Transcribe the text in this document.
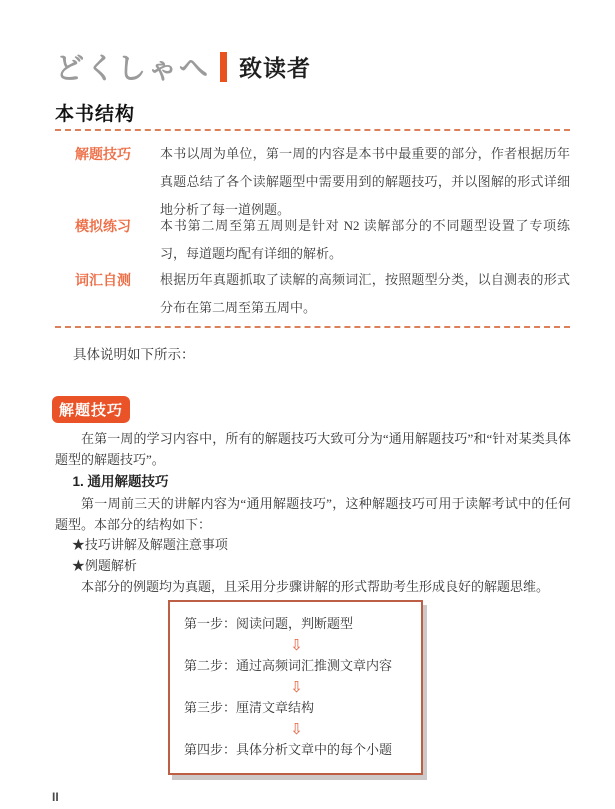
どくしゃへ 致读者
本书结构
解题技巧	本书以周为单位，第一周的内容是本书中最重要的部分，作者根据历年真题总结了各个读解题型中需要用到的解题技巧，并以图解的形式详细地分析了每一道例题。
模拟练习	本书第二周至第五周则是针对 N2 读解部分的不同题型设置了专项练习，每道题均配有详细的解析。
词汇自测	根据历年真题抓取了读解的高频词汇，按照题型分类，以自测表的形式分布在第二周至第五周中。
具体说明如下所示：
解题技巧

在第一周的学习内容中，所有的解题技巧大致可分为“通用解题技巧”和“针对某类具体题型的解题技巧”。

1. 通用解题技巧

第一周前三天的讲解内容为“通用解题技巧”，这种解题技巧可用于读解考试中的任何题型。本部分的结构如下：

★技巧讲解及解题注意事项
★例题解析

本部分的例题均为真题，且采用分步骤讲解的形式帮助考生形成良好的解题思维。

第一步：阅读问题，判断题型
⇩
第二步：通过高频词汇推测文章内容
⇩
第三步：厘清文章结构
⇩
第四步：具体分析文章中的每个小题
II
